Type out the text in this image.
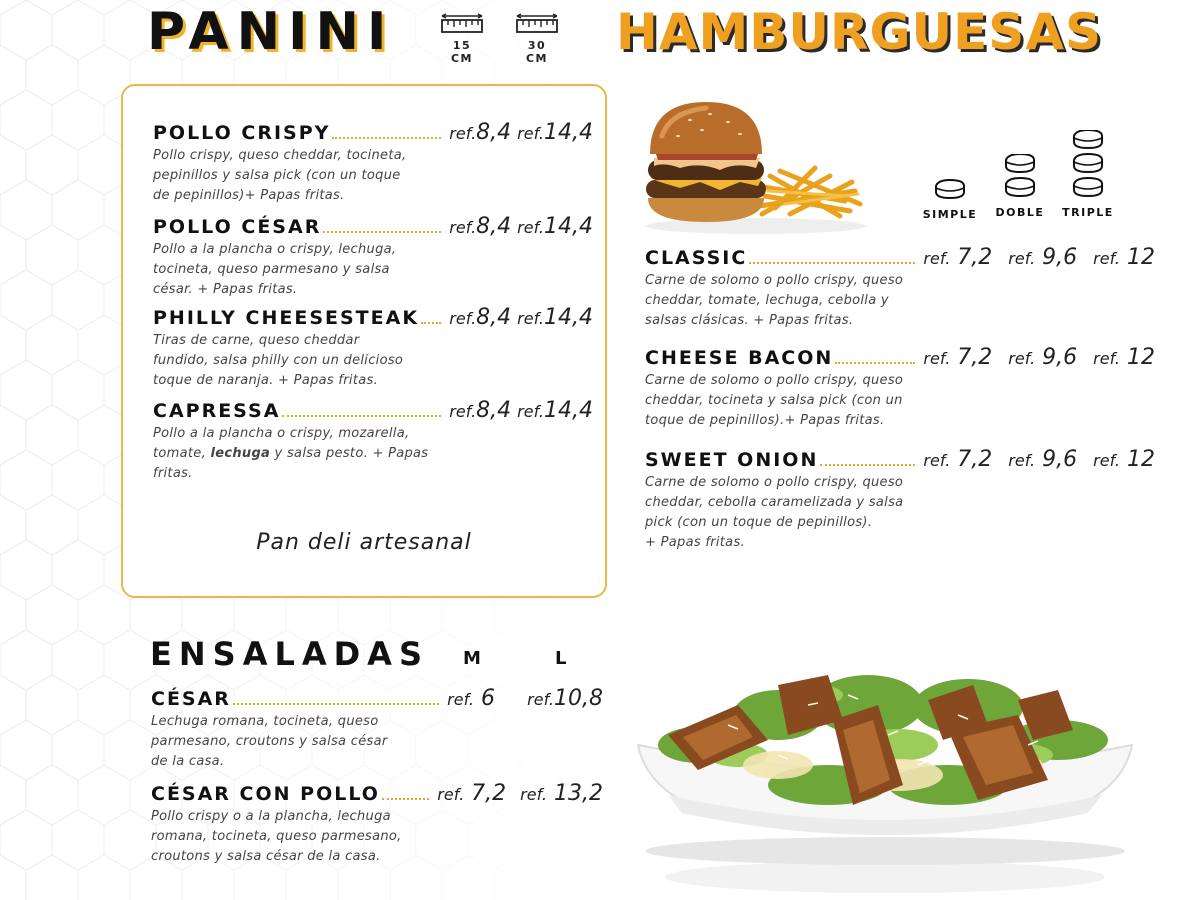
PANINI	15 CM
30 CM
POLLO CRISPY	ref.8,4 ref.14,4
Pollo crispy, queso cheddar, tocineta,
pepinillos y salsa pick (con un toque
de pepinillos)+ Papas fritas.
POLLO CÉSAR	ref.8,4 ref.14,4
Pollo a la plancha o crispy, lechuga,
tocineta, queso parmesano y salsa
césar. + Papas fritas.
PHILLY CHEESESTEAK ref.8,4 ref.14,4
Tiras de carne, queso cheddar
fundido, salsa philly con un delicioso
toque de naranja. + Papas fritas.
CAPRESSA	ref.8,4 ref.14,4
Pollo a la plancha o crispy, mozarella,
tomate, lechuga y salsa pesto. + Papas
fritas.
Pan deli artesanal
HAMBURGUESAS
SIMPLE	DOBLE	TRIPLE
CLASSIC	ref. 7,2 ref. 9,6 ref. 12
Carne de solomo o pollo crispy, queso
cheddar, tomate, lechuga, cebolla y
salsas clásicas. + Papas fritas.
CHEESE BACON	ref. 7,2 ref. 9,6 ref. 12
Carne de solomo o pollo crispy, queso
cheddar, tocineta y salsa pick (con un
toque de pepinillos).+ Papas fritas.
SWEET ONION	ref. 7,2 ref. 9,6 ref. 12
Carne de solomo o pollo crispy, queso
cheddar, cebolla caramelizada y salsa
pick (con un toque de pepinillos).
+ Papas fritas.
ENSALADAS M	L
CÉSAR	ref. 6	ref.10,8
Lechuga romana, tocineta, queso
parmesano, croutons y salsa césar
de la casa.
CÉSAR CON POLLO	ref. 7,2 ref. 13,2
Pollo crispy o a la plancha, lechuga
romana, tocineta, queso parmesano,
croutons y salsa césar de la casa.
